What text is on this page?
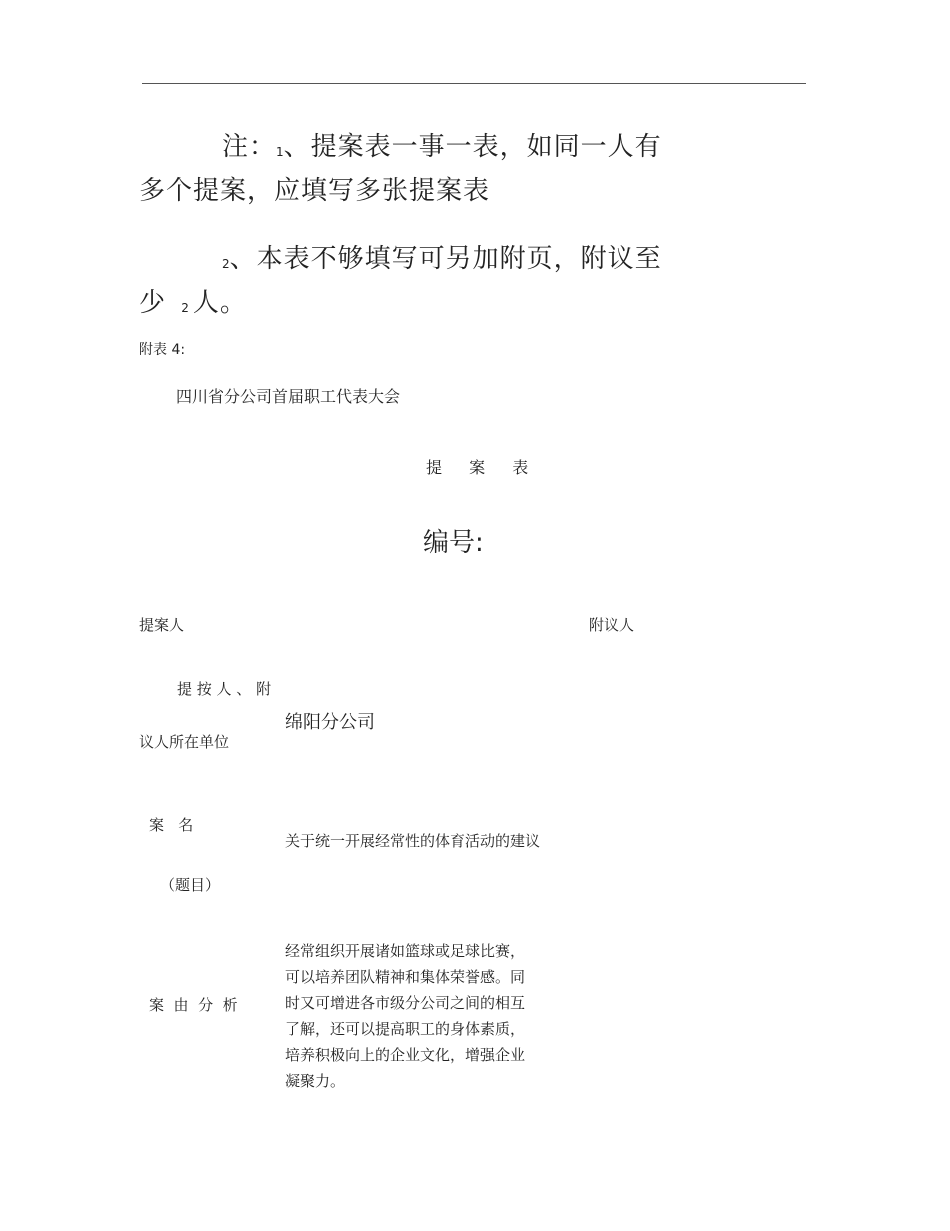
注：1、提案表一事一表，如同一人有
多个提案，应填写多张提案表
2、本表不够填写可另加附页，附议至
少 2 人。
附表 4:
四川省分公司首届职工代表大会
提 案 表
编号:
提案人	附议人
提 按 人 、 附
议人所在单位
绵阳分公司
案   名
（题目）
关于统一开展经常性的体育活动的建议
案  由  分  析
经常组织开展诸如篮球或足球比赛，
可以培养团队精神和集体荣誉感。同
时又可增进各市级分公司之间的相互
了解，还可以提高职工的身体素质，
培养积极向上的企业文化，增强企业
凝聚力。
